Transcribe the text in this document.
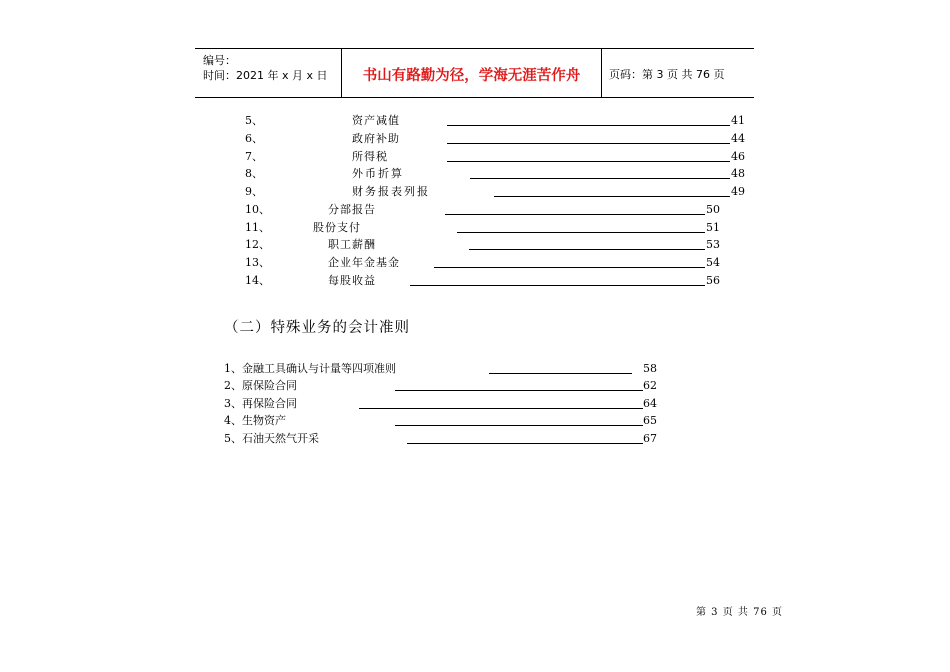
编号：
时间：2021 年 x 月 x 日	书山有路勤为径，学海无涯苦作舟	页码：第 3 页 共 76 页
5、	资产减值	41
6、	政府补助	44
7、	所得税	46
8、	外币折算	48
9、	财务报表列报	49
10、	分部报告	50
11、	股份支付	51
12、	职工薪酬	53
13、	企业年金基金	54
14、	每股收益	56
（二）特殊业务的会计准则
1、金融工具确认与计量等四项准则	58
2、原保险合同	62
3、再保险合同	64
4、生物资产	65
5、石油天然气开采	67
第 3 页 共 76 页
